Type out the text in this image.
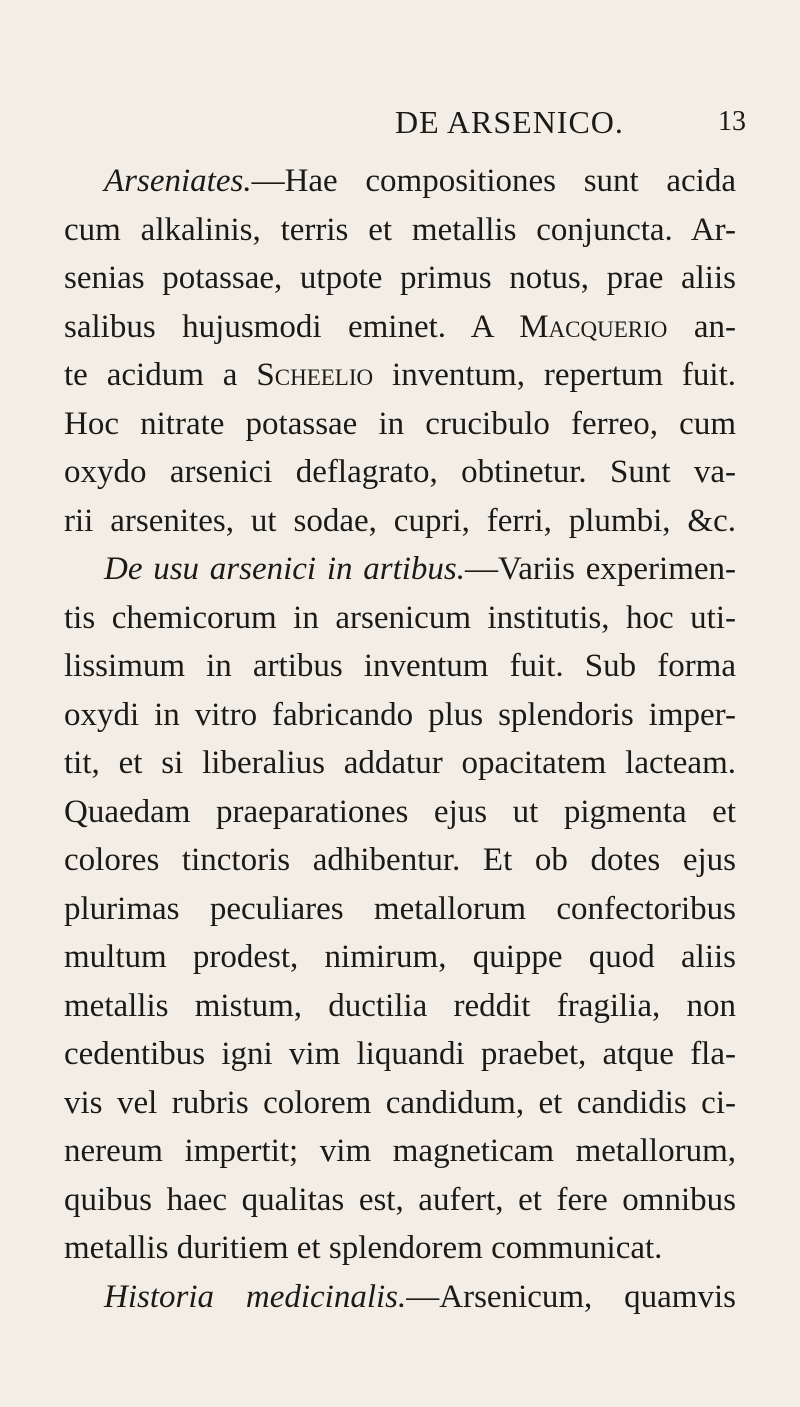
DE ARSENICO.	13
Arseniates.—Hae compositiones sunt acida
cum alkalinis, terris et metallis conjuncta. Ar-
senias potassae, utpote primus notus, prae aliis
salibus hujusmodi eminet. A Macquerio an-
te acidum a Scheelio inventum, repertum fuit.
Hoc nitrate potassae in crucibulo ferreo, cum
oxydo arsenici deflagrato, obtinetur. Sunt va-
rii arsenites, ut sodae, cupri, ferri, plumbi, &c.
De usu arsenici in artibus.—Variis experimen-
tis chemicorum in arsenicum institutis, hoc uti-
lissimum in artibus inventum fuit. Sub forma
oxydi in vitro fabricando plus splendoris imper-
tit, et si liberalius addatur opacitatem lacteam.
Quaedam praeparationes ejus ut pigmenta et
colores tinctoris adhibentur. Et ob dotes ejus
plurimas peculiares metallorum confectoribus
multum prodest, nimirum, quippe quod aliis
metallis mistum, ductilia reddit fragilia, non
cedentibus igni vim liquandi praebet, atque fla-
vis vel rubris colorem candidum, et candidis ci-
nereum impertit; vim magneticam metallorum,
quibus haec qualitas est, aufert, et fere omnibus
metallis duritiem et splendorem communicat.
Historia medicinalis.—Arsenicum, quamvis
